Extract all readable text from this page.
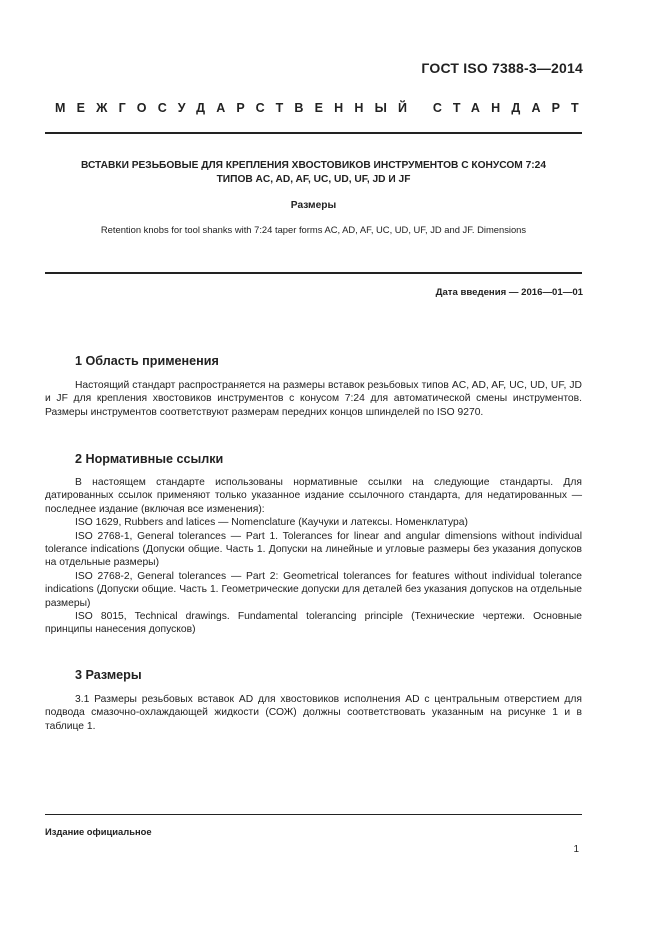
ГОСТ ISO 7388-3—2014
МЕЖГОСУДАРСТВЕННЫЙ СТАНДАРТ
ВСТАВКИ РЕЗЬБОВЫЕ ДЛЯ КРЕПЛЕНИЯ ХВОСТОВИКОВ ИНСТРУМЕНТОВ С КОНУСОМ 7:24
ТИПОВ AC, AD, AF, UC, UD, UF, JD И JF
Размеры
Retention knobs for tool shanks with 7:24 taper forms AC, AD, AF, UC, UD, UF, JD and JF. Dimensions
Дата введения — 2016—01—01
1 Область применения

Настоящий стандарт распространяется на размеры вставок резьбовых типов AC, AD, AF, UC, UD, UF, JD и JF для крепления хвостовиков инструментов с конусом 7:24 для автоматической смены инструментов. Размеры инструментов соответствуют размерам передних концов шпинделей по ISO 9270.

2 Нормативные ссылки

В настоящем стандарте использованы нормативные ссылки на следующие стандарты. Для датированных ссылок применяют только указанное издание ссылочного стандарта, для недатированных — последнее издание (включая все изменения):

ISO 1629, Rubbers and latices — Nomenclature (Каучуки и латексы. Номенклатура)

ISO 2768-1, General tolerances — Part 1. Tolerances for linear and angular dimensions without individual tolerance indications (Допуски общие. Часть 1. Допуски на линейные и угловые размеры без указания допусков на отдельные размеры)

ISO 2768-2, General tolerances — Part 2: Geometrical tolerances for features without individual tolerance indications (Допуски общие. Часть 1. Геометрические допуски для деталей без указания допусков на отдельные размеры)

ISO 8015, Technical drawings. Fundamental tolerancing principle (Технические чертежи. Основные принципы нанесения допусков)

3 Размеры

3.1 Размеры резьбовых вставок AD для хвостовиков исполнения AD с центральным отверстием для подвода смазочно-охлаждающей жидкости (СОЖ) должны соответствовать указанным на рисунке 1 и в таблице 1.

Издание официальное
1
